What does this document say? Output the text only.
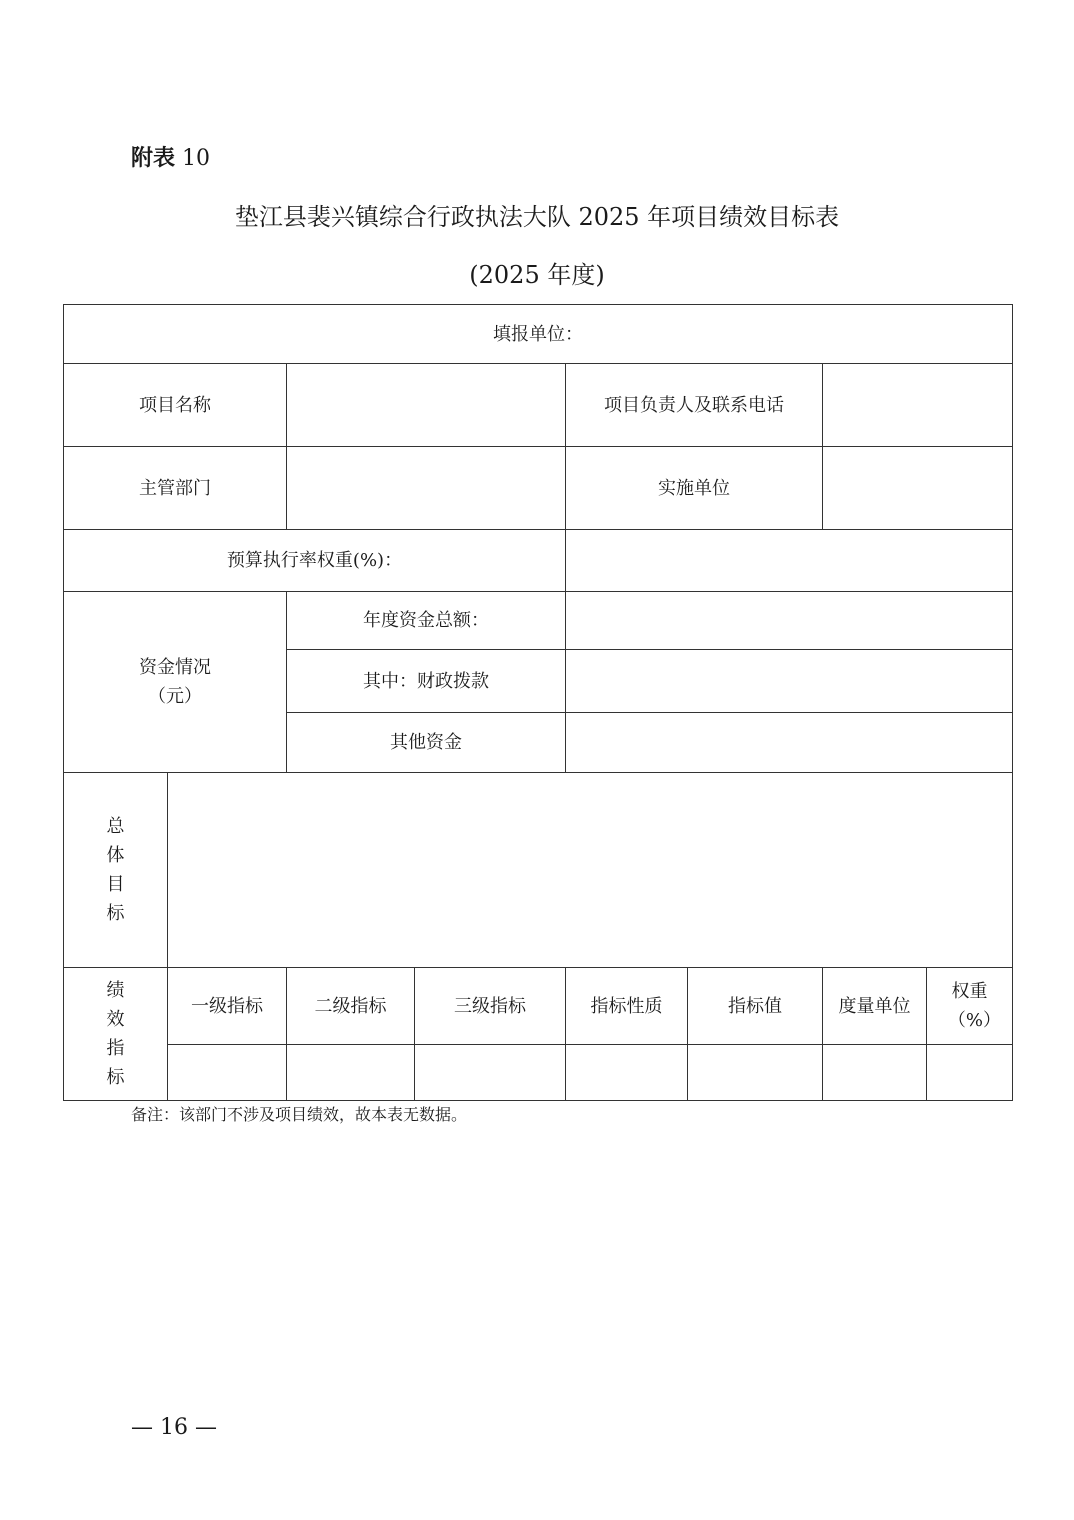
附表 10
垫江县裴兴镇综合行政执法大队 2025 年项目绩效目标表
(2025 年度)
填报单位：							
项目名称				项目负责人及联系电话			
主管部门				实施单位			
预算执行率权重(%)：							

资金情况
（元）		年度资金总额：					
		其中：财政拨款					
		其他资金					
总体目标							
绩效指标	一级指标	二级指标	三级指标	指标性质	指标值	度量单位	权重（%）

备注：该部门不涉及项目绩效，故本表无数据。
— 16 —
